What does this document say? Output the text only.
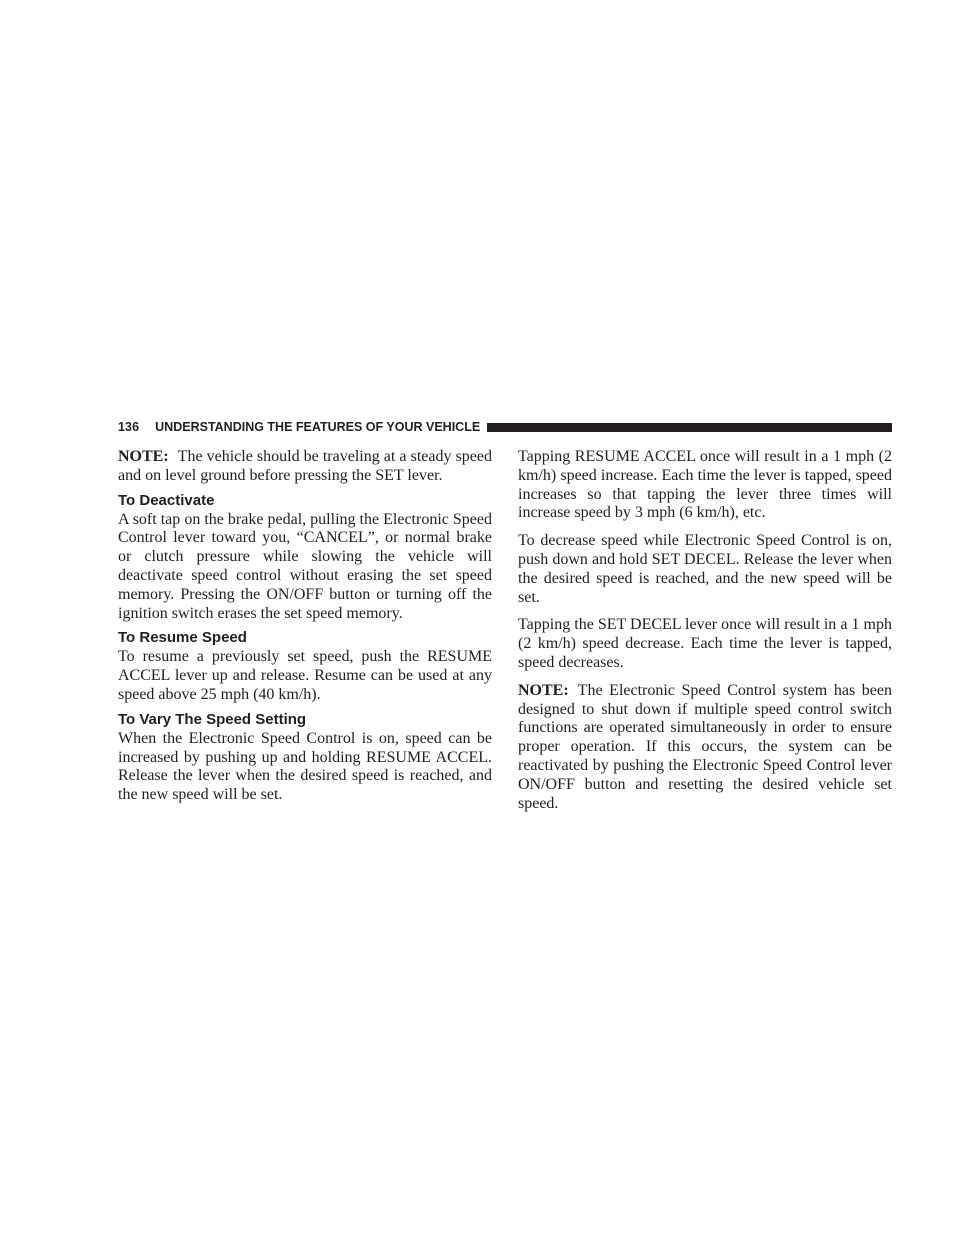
136 UNDERSTANDING THE FEATURES OF YOUR VEHICLE

NOTE: The vehicle should be traveling at a steady speed and on level ground before pressing the SET lever.

To Deactivate

A soft tap on the brake pedal, pulling the Electronic Speed Control lever toward you, “CANCEL”, or normal brake or clutch pressure while slowing the vehicle will deactivate speed control without erasing the set speed memory. Pressing the ON/OFF button or turning off the ignition switch erases the set speed memory.

To Resume Speed

To resume a previously set speed, push the RESUME ACCEL lever up and release. Resume can be used at any speed above 25 mph (40 km/h).

To Vary The Speed Setting

When the Electronic Speed Control is on, speed can be increased by pushing up and holding RESUME ACCEL. Release the lever when the desired speed is reached, and the new speed will be set.

Tapping RESUME ACCEL once will result in a 1 mph (2 km/h) speed increase. Each time the lever is tapped, speed increases so that tapping the lever three times will increase speed by 3 mph (6 km/h), etc.

To decrease speed while Electronic Speed Control is on, push down and hold SET DECEL. Release the lever when the desired speed is reached, and the new speed will be set.

Tapping the SET DECEL lever once will result in a 1 mph (2 km/h) speed decrease. Each time the lever is tapped, speed decreases.

NOTE: The Electronic Speed Control system has been designed to shut down if multiple speed control switch functions are operated simultaneously in order to ensure proper operation. If this occurs, the system can be reactivated by pushing the Electronic Speed Control lever ON/OFF button and resetting the desired vehicle set speed.
